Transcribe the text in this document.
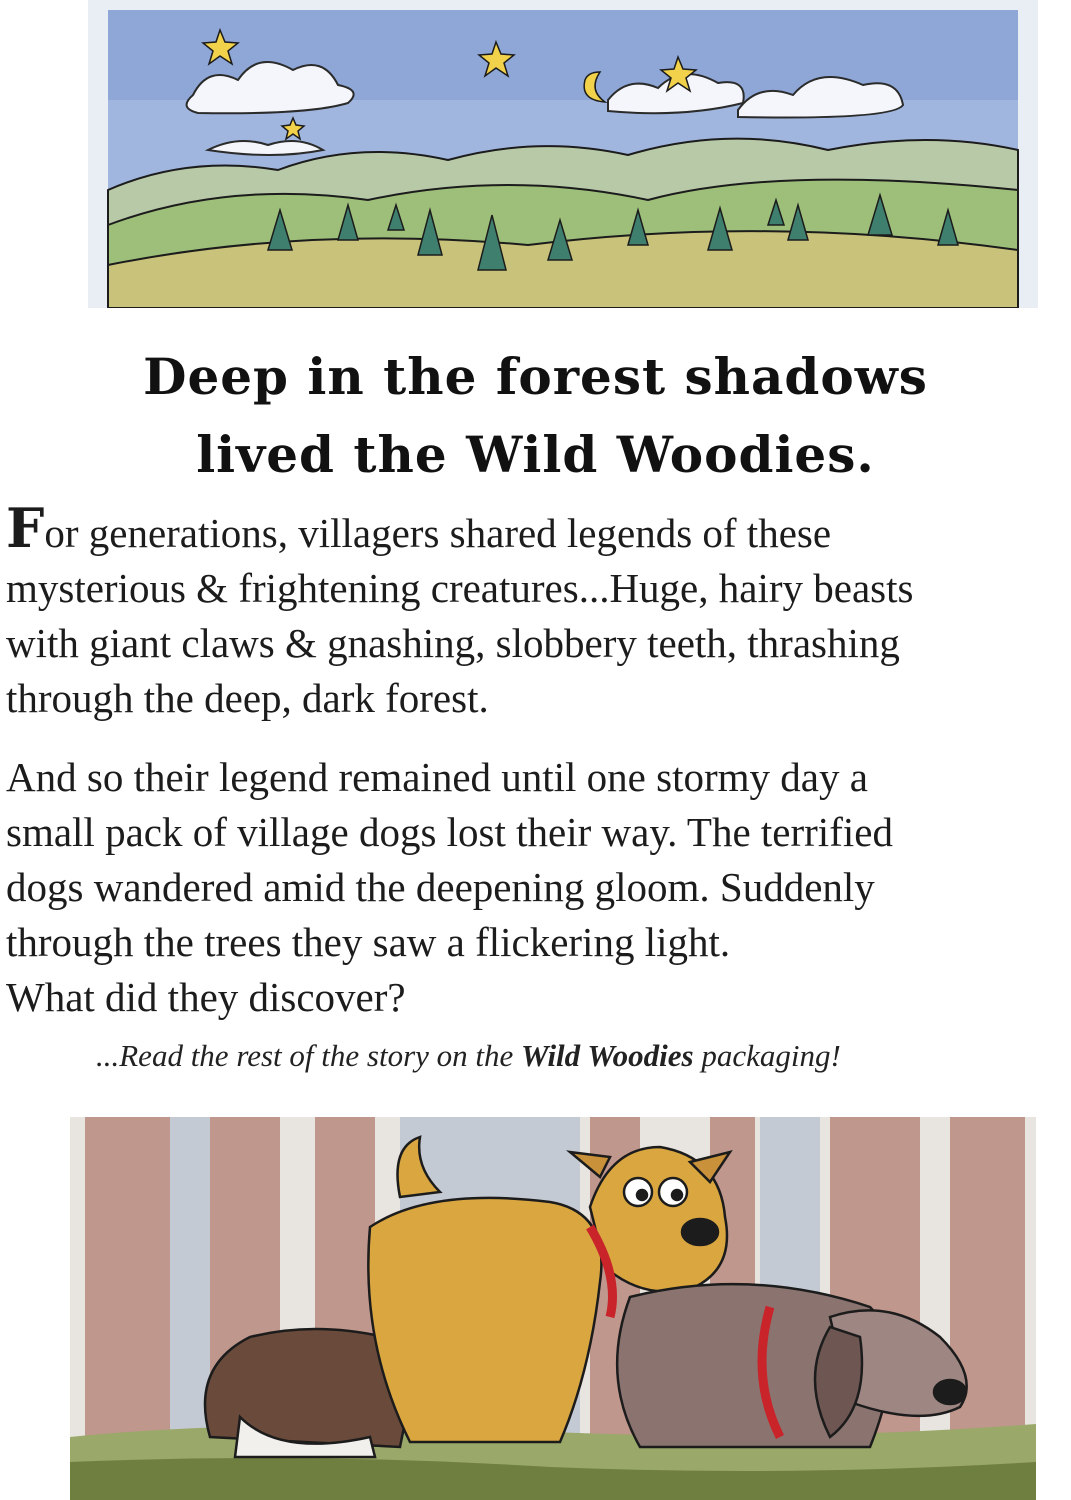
Deep in the forest shadows
lived the Wild Woodies.

For generations, villagers shared legends of these
mysterious & frightening creatures...Huge, hairy beasts
with giant claws & gnashing, slobbery teeth, thrashing
through the deep, dark forest.

And so their legend remained until one stormy day a
small pack of village dogs lost their way. The terrified
dogs wandered amid the deepening gloom. Suddenly
through the trees they saw a flickering light.
What did they discover?

...Read the rest of the story on the Wild Woodies packaging!
